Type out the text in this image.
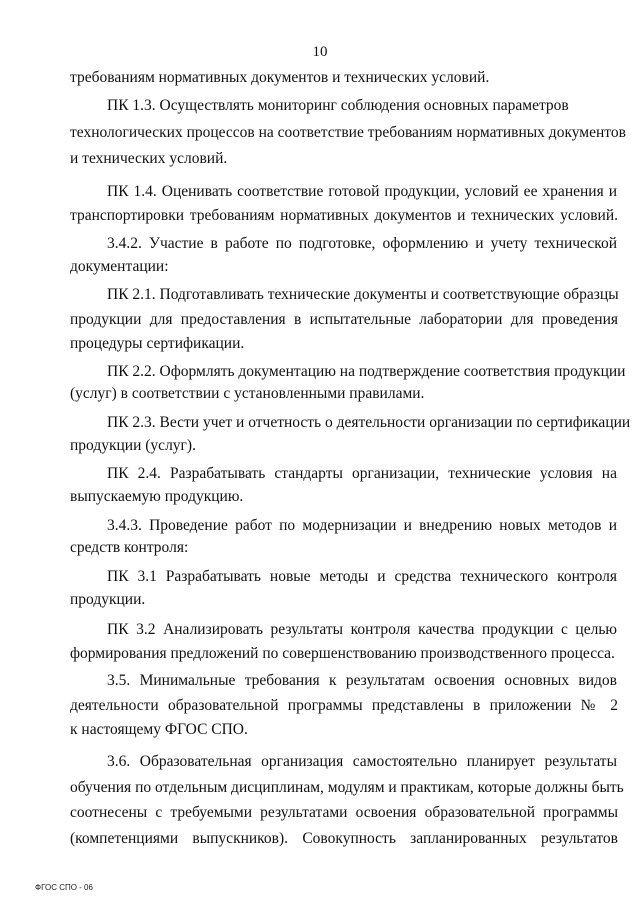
10
требованиям нормативных документов и технических условий.
ПК 1.3. Осуществлять мониторинг соблюдения основных параметров
технологических процессов на соответствие требованиям нормативных документов
и технических условий.
ПК 1.4. Оценивать соответствие готовой продукции, условий ее хранения и
транспортировки требованиям нормативных документов и технических условий.
3.4.2. Участие в работе по подготовке, оформлению и учету технической
документации:
ПК 2.1. Подготавливать технические документы и соответствующие образцы
продукции для предоставления в испытательные лаборатории для проведения
процедуры сертификации.
ПК 2.2. Оформлять документацию на подтверждение соответствия продукции
(услуг) в соответствии с установленными правилами.
ПК 2.3. Вести учет и отчетность о деятельности организации по сертификации
продукции (услуг).
ПК 2.4. Разрабатывать стандарты организации, технические условия на
выпускаемую продукцию.
3.4.3. Проведение работ по модернизации и внедрению новых методов и
средств контроля:
ПК 3.1 Разрабатывать новые методы и средства технического контроля
продукции.
ПК 3.2 Анализировать результаты контроля качества продукции с целью
формирования предложений по совершенствованию производственного процесса.
3.5. Минимальные требования к результатам освоения основных видов
деятельности образовательной программы представлены в приложении № 2
к настоящему ФГОС СПО.
3.6. Образовательная организация самостоятельно планирует результаты
обучения по отдельным дисциплинам, модулям и практикам, которые должны быть
соотнесены с требуемыми результатами освоения образовательной программы
(компетенциями выпускников). Совокупность запланированных результатов
ФГОС СПО - 06
